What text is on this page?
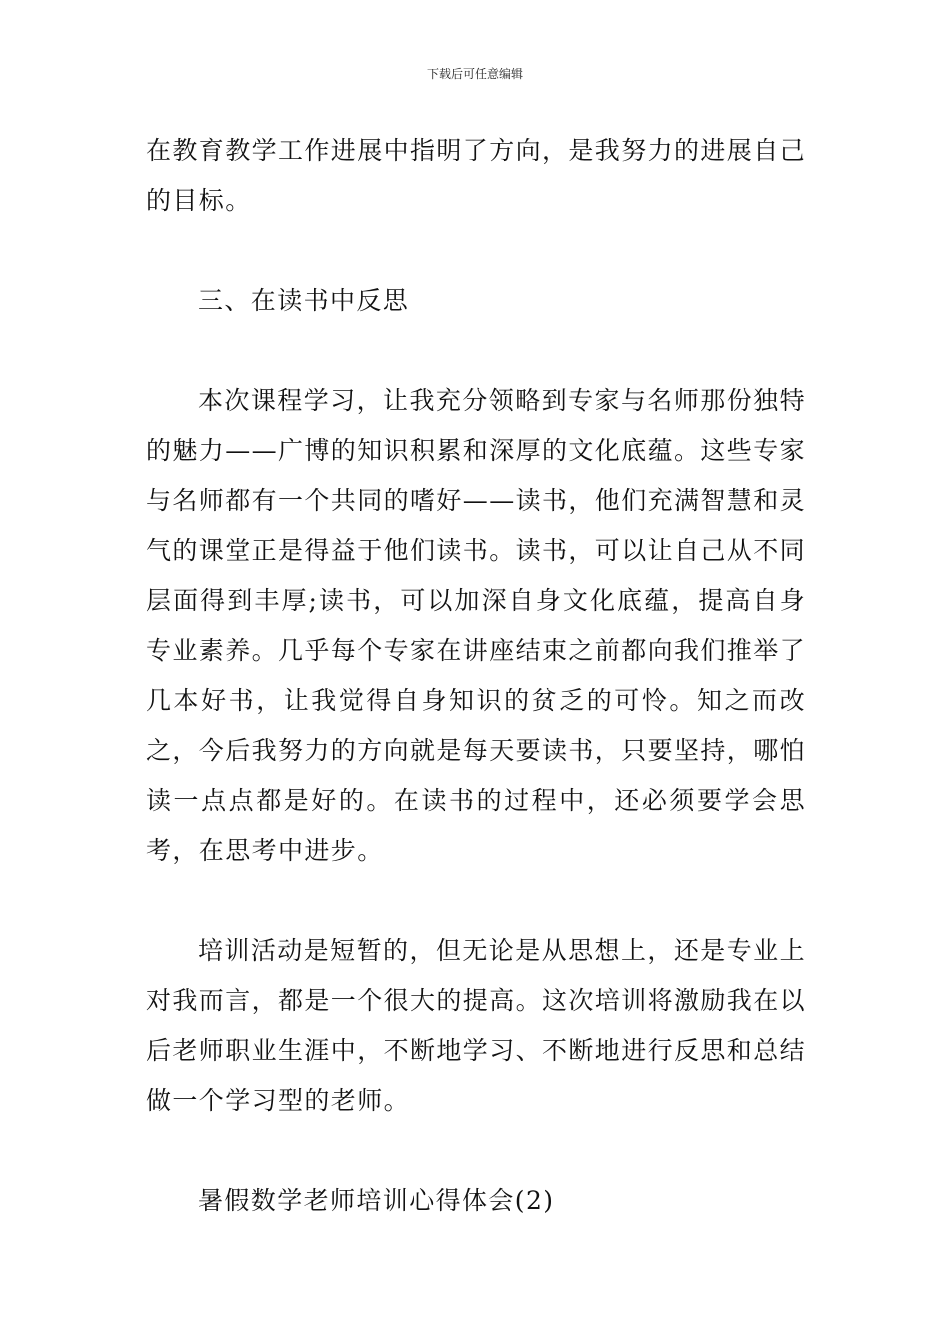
下载后可任意编辑

在教育教学工作进展中指明了方向，是我努力的进展自己的目标。

三、在读书中反思

本次课程学习，让我充分领略到专家与名师那份独特的魅力——广博的知识积累和深厚的文化底蕴。这些专家与名师都有一个共同的嗜好——读书，他们充满智慧和灵气的课堂正是得益于他们读书。读书，可以让自己从不同层面得到丰厚;读书，可以加深自身文化底蕴，提高自身专业素养。几乎每个专家在讲座结束之前都向我们推举了几本好书，让我觉得自身知识的贫乏的可怜。知之而改之，今后我努力的方向就是每天要读书，只要坚持，哪怕读一点点都是好的。在读书的过程中，还必须要学会思考，在思考中进步。

培训活动是短暂的，但无论是从思想上，还是专业上对我而言，都是一个很大的提高。这次培训将激励我在以后老师职业生涯中，不断地学习、不断地进行反思和总结做一个学习型的老师。

暑假数学老师培训心得体会(2)
